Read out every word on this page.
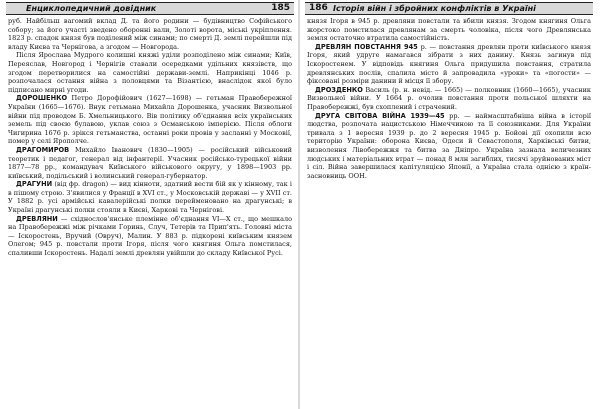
Енциклопедичний довідник	185

руб. Найбільш вагомий вклад Д. та його родини — будівництво Софійського собору; за його участі зведено оборонні вали, Золоті ворота, міські укріплення. 1823 р. спадок князя був поділений між синами; по смерті Д. землі перейшли під владу Києва та Чернігова, а згодом — Новгорода.

Після Ярослава Мудрого колишні княжі уділи розподілено між синами; Київ, Переяслав, Новгород і Чернігів ставали осередками удільних князівств, що згодом перетворилися на самостійні держави-землі. Наприкінці 1046 р. розпочалася остання війна з половцями та Візантією, внаслідок якої було підписано мирні угоди.

ДОРОШЕНКО Петро Дорофійович (1627—1698) — гетьман Правобережної України (1665—1676). Внук гетьмана Михайла Дорошенка, учасник Визвольної війни під проводом Б. Хмельницького. Вів політику об'єднання всіх українських земель під своєю булавою, уклав союз з Османською імперією. Після облоги Чигирина 1676 р. зрікся гетьманства, останні роки провів у засланні у Московії, помер у селі Ярополче.

ДРАГОМИРОВ Михайло Іванович (1830—1905) — російський військовий теоретик і педагог, генерал від інфантерії. Учасник російсько-турецької війни 1877—78 рр., командувач Київського військового округу, у 1898—1903 рр. київський, подільський і волинський генерал-губернатор.

ДРАГУНИ (від фр. dragon) — вид кінноти, здатний вести бій як у кінному, так і в пішому строю. З'явилися у Франції в XVI ст., у Московській державі — у XVII ст. У 1882 р. усі армійські кавалерійські полки перейменовано на драгунські; в Україні драгунські полки стояли в Києві, Харкові та Чернігові.

ДРЕВЛЯНИ — східнослов'янське племінне об'єднання VI—X ст., що мешкало на Правобережжі між річками Горинь, Случ, Тетерів та Прип'ять. Головні міста — Іскоростень, Вручий (Овруч), Малин. У 883 р. підкорені київським князем Олегом; 945 р. повстали проти Ігоря, після чого княгиня Ольга помстилася, спаливши Іскоростень. Надалі землі древлян увійшли до складу Київської Русі.

186 Історія війн і збройних конфліктів в Україні

князя Ігоря в 945 р. древляни повстали та вбили князя. Згодом княгиня Ольга жорстоко помстилася древлянам за смерть чоловіка, після чого Древлянська земля остаточно втратила самостійність.

ДРЕВЛЯН ПОВСТАННЯ 945 р. — повстання древлян проти київського князя Ігоря, який удруге намагався зібрати з них данину. Князь загинув під Іскоростенем. У відповідь княгиня Ольга придушила повстання, стратила древлянських послів, спалила місто й запровадила «уроки» та «погости» — фіксовані розміри данини й місця її збору.

ДРОЗДЕНКО Василь (р. н. невід. — 1665) — полковник (1660—1665), учасник Визвольної війни. У 1664 р. очолив повстання проти польської шляхти на Правобережжі, був схоплений і страчений.

ДРУГА СВІТОВА ВІЙНА 1939—45 рр. — наймасштабніша війна в історії людства, розпочата нацистською Німеччиною та її союзниками. Для України тривала з 1 вересня 1939 р. до 2 вересня 1945 р. Бойові дії охопили всю територію України: оборона Києва, Одеси й Севастополя, Харківські битви, визволення Лівобережжя та битва за Дніпро. Україна зазнала величезних людських і матеріальних втрат — понад 8 млн загиблих, тисячі зруйнованих міст і сіл. Війна завершилася капітуляцією Японії, а Україна стала однією з країн-засновниць ООН.
